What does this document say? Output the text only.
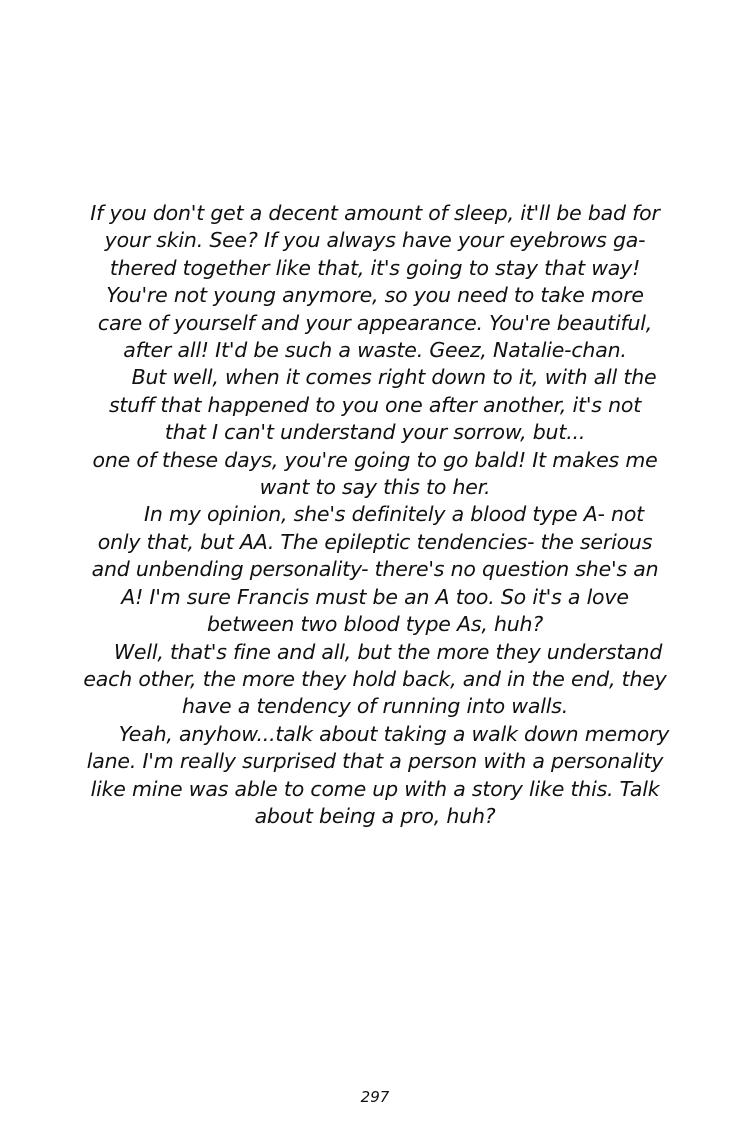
If you don't get a decent amount of sleep, it'll be bad for
your skin. See? If you always have your eyebrows ga-
thered together like that, it's going to stay that way!
You're not young anymore, so you need to take more
care of yourself and your appearance. You're beautiful,
after all! It'd be such a waste. Geez, Natalie-chan.
But well, when it comes right down to it, with all the
stuff that happened to you one after another, it's not
that I can't understand your sorrow, but...
one of these days, you're going to go bald! It makes me
want to say this to her.
In my opinion, she's definitely a blood type A- not
only that, but AA. The epileptic tendencies- the serious
and unbending personality- there's no question she's an
A! I'm sure Francis must be an A too. So it's a love
between two blood type As, huh?
Well, that's fine and all, but the more they understand
each other, the more they hold back, and in the end, they
have a tendency of running into walls.
Yeah, anyhow...talk about taking a walk down memory
lane. I'm really surprised that a person with a personality
like mine was able to come up with a story like this. Talk
about being a pro, huh?
297
